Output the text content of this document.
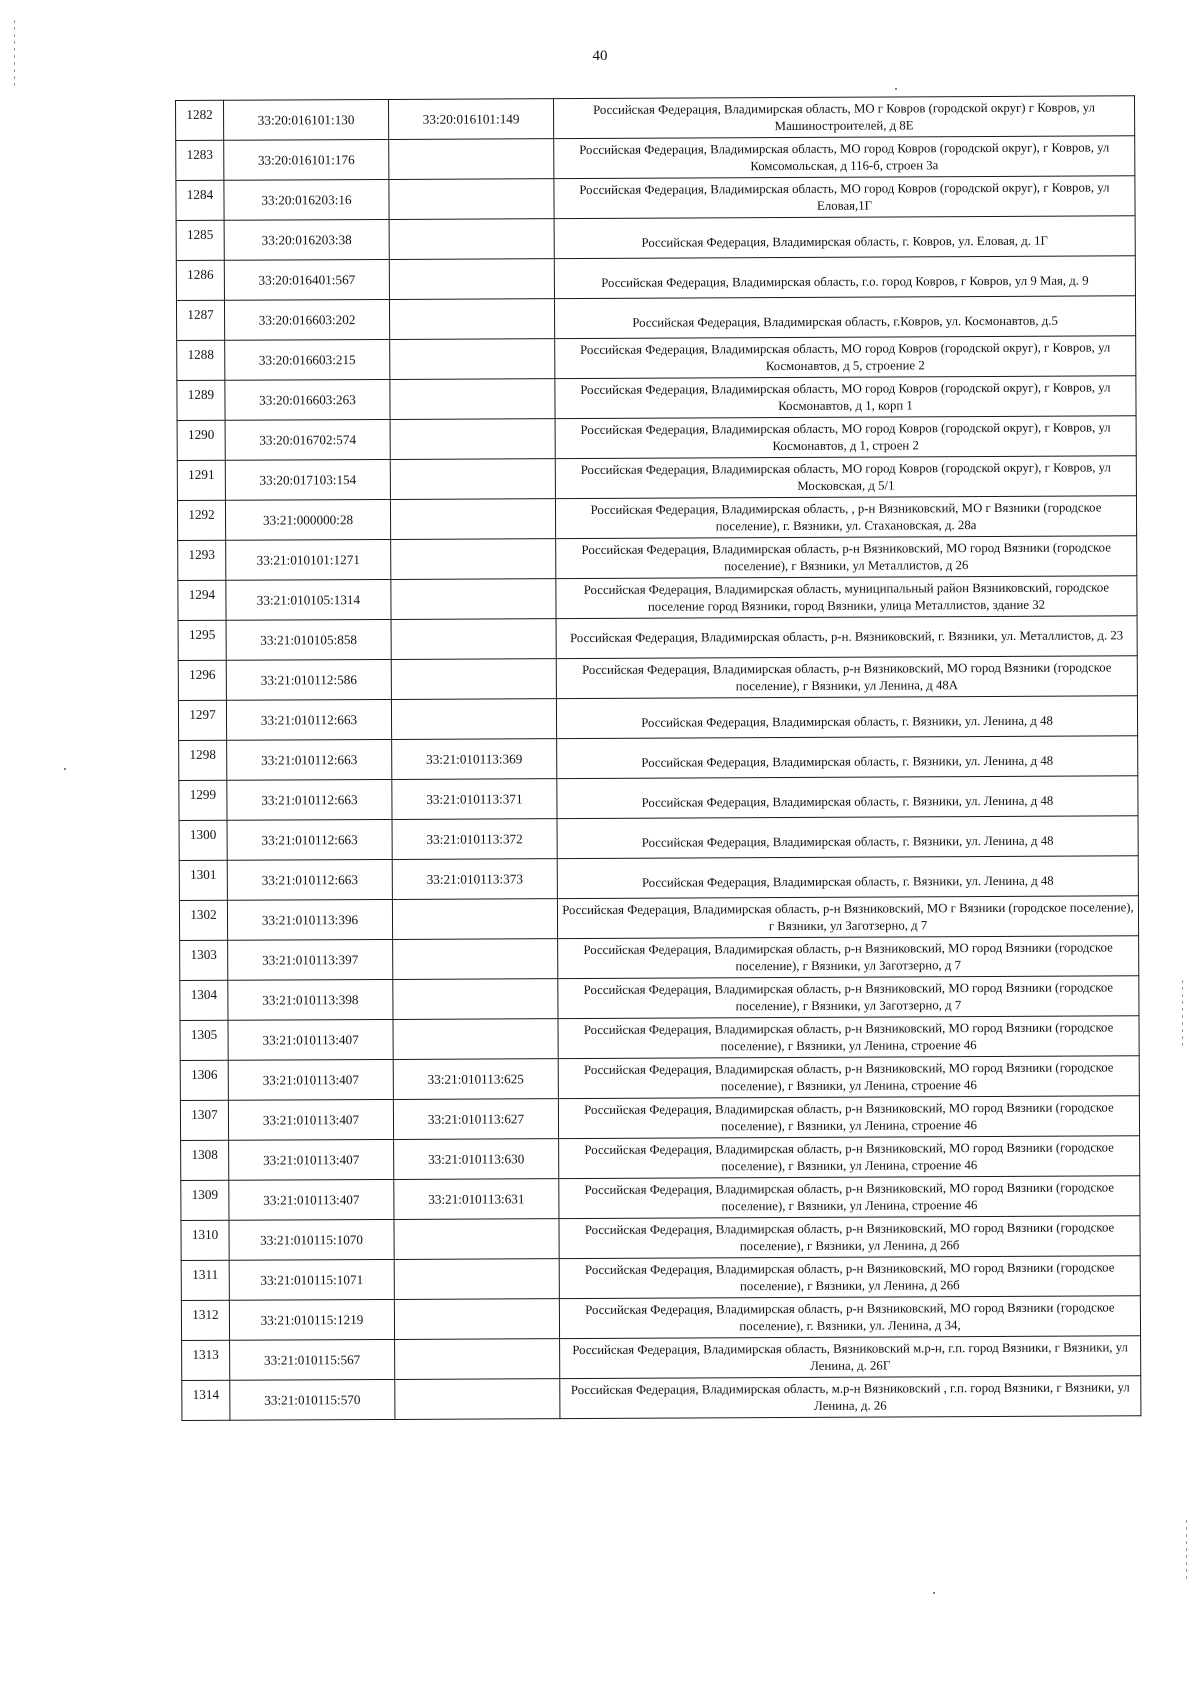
40
1282	33:20:016101:130	33:20:016101:149	Российская Федерация, Владимирская область, МО г Ковров (городской округ) г Ковров, ул Машиностроителей, д 8Е
1283	33:20:016101:176		Российская Федерация, Владимирская область, МО город Ковров (городской округ), г Ковров, ул Комсомольская, д 116-б, строен 3а
1284	33:20:016203:16		Российская Федерация, Владимирская область, МО город Ковров (городской округ), г Ковров, ул Еловая,1Г
1285	33:20:016203:38		Российская Федерация, Владимирская область, г. Ковров, ул. Еловая, д. 1Г
1286	33:20:016401:567		Российская Федерация, Владимирская область, г.о. город Ковров, г Ковров, ул 9 Мая, д. 9
1287	33:20:016603:202		Российская Федерация, Владимирская область, г.Ковров, ул. Космонавтов, д.5
1288	33:20:016603:215		Российская Федерация, Владимирская область, МО город Ковров (городской округ), г Ковров, ул Космонавтов, д 5, строение 2
1289	33:20:016603:263		Российская Федерация, Владимирская область, МО город Ковров (городской округ), г Ковров, ул Космонавтов, д 1, корп 1
1290	33:20:016702:574		Российская Федерация, Владимирская область, МО город Ковров (городской округ), г Ковров, ул Космонавтов, д 1, строен 2
1291	33:20:017103:154		Российская Федерация, Владимирская область, МО город Ковров (городской округ), г Ковров, ул Московская, д 5/1
1292	33:21:000000:28		Российская Федерация, Владимирская область, , р-н Вязниковский, МО г Вязники (городское поселение), г. Вязники, ул. Стахановская, д. 28а
1293	33:21:010101:1271		Российская Федерация, Владимирская область, р-н Вязниковский, МО город Вязники (городское поселение), г Вязники, ул Металлистов, д 26
1294	33:21:010105:1314		Российская Федерация, Владимирская область, муниципальный район Вязниковский, городское поселение город Вязники, город Вязники, улица Металлистов, здание 32
1295	33:21:010105:858		Российская Федерация, Владимирская область, р-н. Вязниковский, г. Вязники, ул. Металлистов, д. 23
1296	33:21:010112:586		Российская Федерация, Владимирская область, р-н Вязниковский, МО город Вязники (городское поселение), г Вязники, ул Ленина, д 48А
1297	33:21:010112:663		Российская Федерация, Владимирская область, г. Вязники, ул. Ленина, д 48
1298	33:21:010112:663	33:21:010113:369	Российская Федерация, Владимирская область, г. Вязники, ул. Ленина, д 48
1299	33:21:010112:663	33:21:010113:371	Российская Федерация, Владимирская область, г. Вязники, ул. Ленина, д 48
1300	33:21:010112:663	33:21:010113:372	Российская Федерация, Владимирская область, г. Вязники, ул. Ленина, д 48
1301	33:21:010112:663	33:21:010113:373	Российская Федерация, Владимирская область, г. Вязники, ул. Ленина, д 48
1302	33:21:010113:396		Российская Федерация, Владимирская область, р-н Вязниковский, МО г Вязники (городское поселение), г Вязники, ул Заготзерно, д 7
1303	33:21:010113:397		Российская Федерация, Владимирская область, р-н Вязниковский, МО город Вязники (городское поселение), г Вязники, ул Заготзерно, д 7
1304	33:21:010113:398		Российская Федерация, Владимирская область, р-н Вязниковский, МО город Вязники (городское поселение), г Вязники, ул Заготзерно, д 7
1305	33:21:010113:407		Российская Федерация, Владимирская область, р-н Вязниковский, МО город Вязники (городское поселение), г Вязники, ул Ленина, строение 46
1306	33:21:010113:407	33:21:010113:625	Российская Федерация, Владимирская область, р-н Вязниковский, МО город Вязники (городское поселение), г Вязники, ул Ленина, строение 46
1307	33:21:010113:407	33:21:010113:627	Российская Федерация, Владимирская область, р-н Вязниковский, МО город Вязники (городское поселение), г Вязники, ул Ленина, строение 46
1308	33:21:010113:407	33:21:010113:630	Российская Федерация, Владимирская область, р-н Вязниковский, МО город Вязники (городское поселение), г Вязники, ул Ленина, строение 46
1309	33:21:010113:407	33:21:010113:631	Российская Федерация, Владимирская область, р-н Вязниковский, МО город Вязники (городское поселение), г Вязники, ул Ленина, строение 46
1310	33:21:010115:1070		Российская Федерация, Владимирская область, р-н Вязниковский, МО город Вязники (городское поселение), г Вязники, ул Ленина, д 26б
1311	33:21:010115:1071		Российская Федерация, Владимирская область, р-н Вязниковский, МО город Вязники (городское поселение), г Вязники, ул Ленина, д 26б
1312	33:21:010115:1219		Российская Федерация, Владимирская область, р-н Вязниковский, МО город Вязники (городское поселение), г. Вязники, ул. Ленина, д 34,
1313	33:21:010115:567		Российская Федерация, Владимирская область, Вязниковский м.р-н, г.п. город Вязники, г Вязники, ул Ленина, д. 26Г
1314	33:21:010115:570		Российская Федерация, Владимирская область, м.р-н Вязниковский , г.п. город Вязники, г Вязники, ул Ленина, д. 26
